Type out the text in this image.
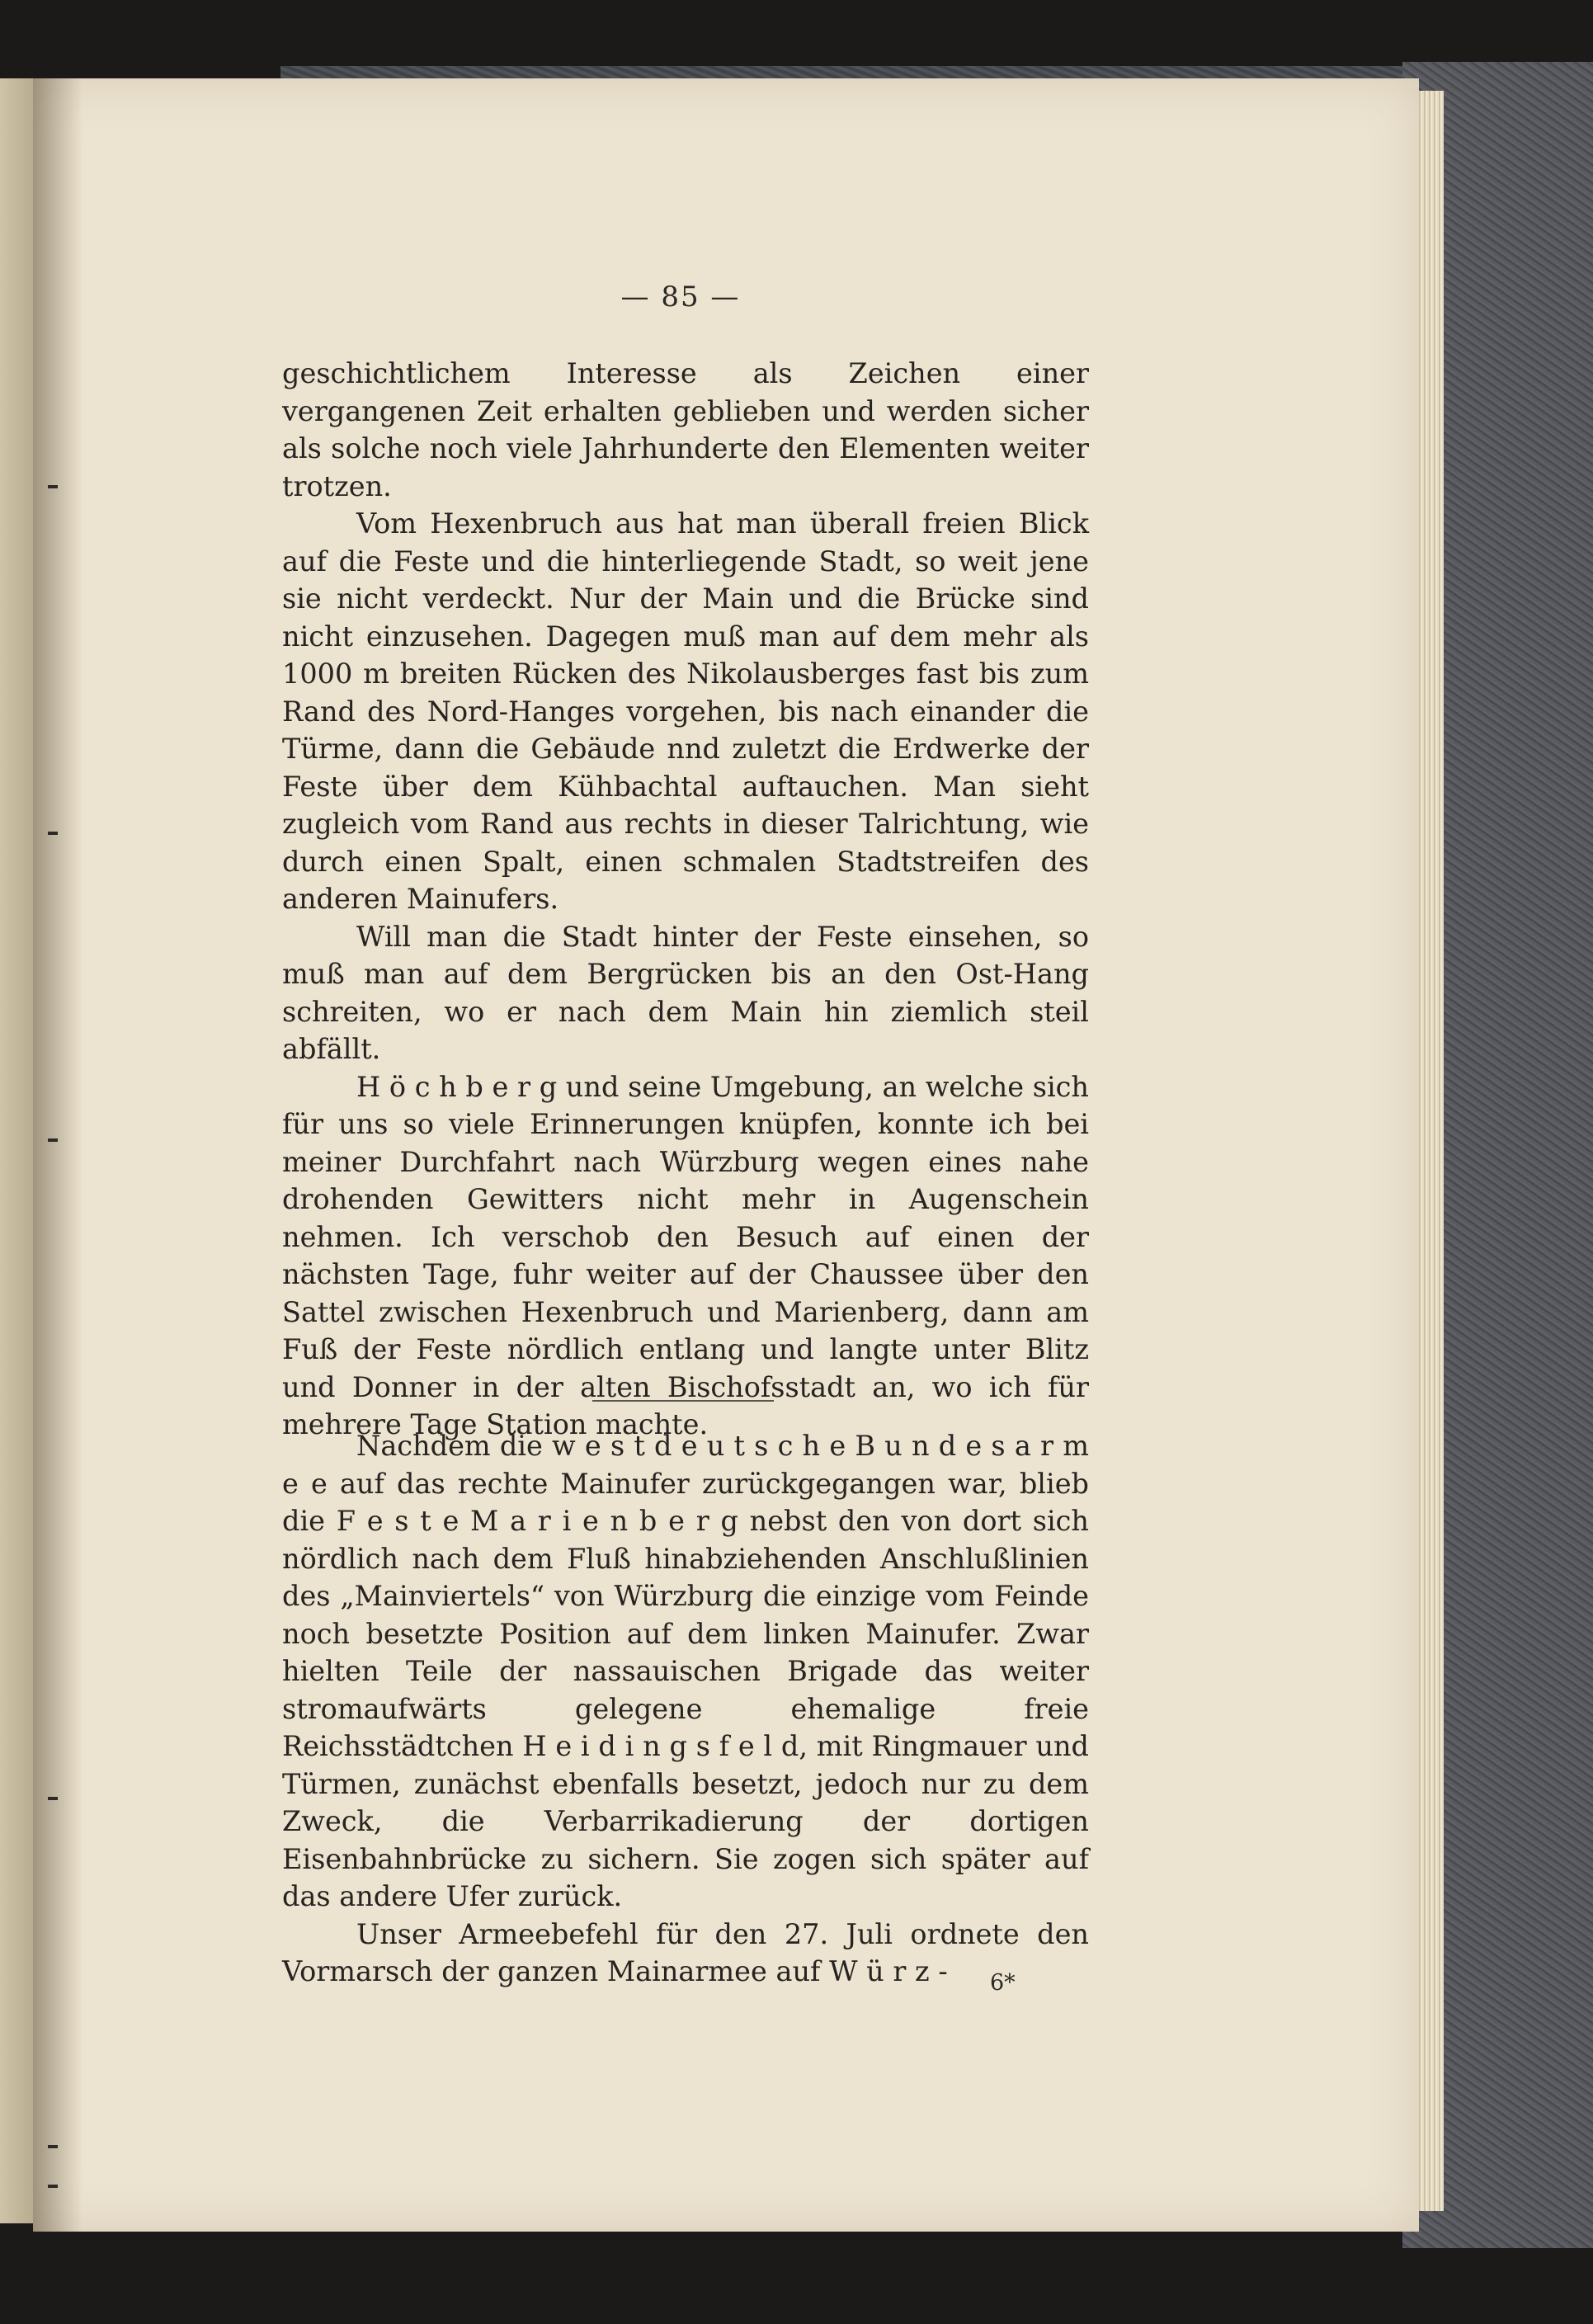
— 85 —

geschichtlichem Interesse als Zeichen einer vergangenen Zeit erhalten geblieben und werden sicher als solche noch viele Jahrhunderte den Elementen weiter trotzen.

Vom Hexenbruch aus hat man überall freien Blick auf die Feste und die hinterliegende Stadt, so weit jene sie nicht verdeckt. Nur der Main und die Brücke sind nicht einzusehen. Dagegen muß man auf dem mehr als 1000 m breiten Rücken des Nikolausberges fast bis zum Rand des Nord-Hanges vorgehen, bis nach einander die Türme, dann die Gebäude nnd zuletzt die Erdwerke der Feste über dem Kühbachtal auftauchen. Man sieht zugleich vom Rand aus rechts in dieser Talrichtung, wie durch einen Spalt, einen schmalen Stadtstreifen des anderen Mainufers.

Will man die Stadt hinter der Feste einsehen, so muß man auf dem Bergrücken bis an den Ost-Hang schreiten, wo er nach dem Main hin ziemlich steil abfällt.

H ö c h b e r g und seine Umgebung, an welche sich für uns so viele Erinnerungen knüpfen, konnte ich bei meiner Durchfahrt nach Würzburg wegen eines nahe drohenden Gewitters nicht mehr in Augenschein nehmen. Ich verschob den Besuch auf einen der nächsten Tage, fuhr weiter auf der Chaussee über den Sattel zwischen Hexenbruch und Marienberg, dann am Fuß der Feste nördlich entlang und langte unter Blitz und Donner in der alten Bischofsstadt an, wo ich für mehrere Tage Station machte.

Nachdem die w e s t d e u t s c h e B u n d e s a r m e e auf das rechte Mainufer zurückgegangen war, blieb die F e s t e M a r i e n b e r g nebst den von dort sich nördlich nach dem Fluß hinabziehenden Anschlußlinien des „Mainviertels“ von Würzburg die einzige vom Feinde noch besetzte Position auf dem linken Mainufer. Zwar hielten Teile der nassauischen Brigade das weiter stromaufwärts gelegene ehemalige freie Reichsstädtchen H e i d i n g s f e l d, mit Ringmauer und Türmen, zunächst ebenfalls besetzt, jedoch nur zu dem Zweck, die Verbarrikadierung der dortigen Eisenbahnbrücke zu sichern. Sie zogen sich später auf das andere Ufer zurück.

Unser Armeebefehl für den 27. Juli ordnete den Vormarsch der ganzen Mainarmee auf W ü r z -	6*
